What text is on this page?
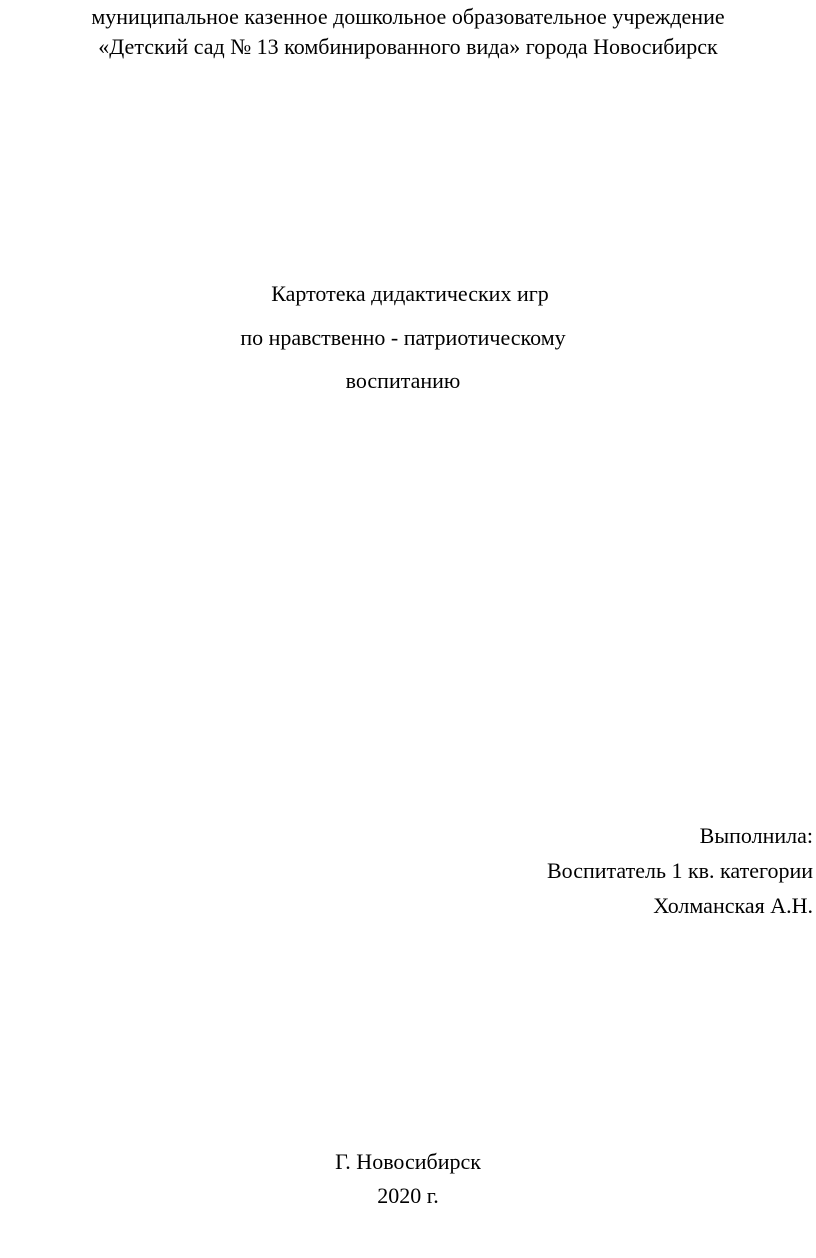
муниципальное казенное дошкольное образовательное учреждение
«Детский сад № 13 комбинированного вида» города Новосибирск
Картотека дидактических игр
по нравственно - патриотическому
воспитанию
Выполнила:
Воспитатель 1 кв. категории
Холманская А.Н.
Г. Новосибирск
2020 г.
